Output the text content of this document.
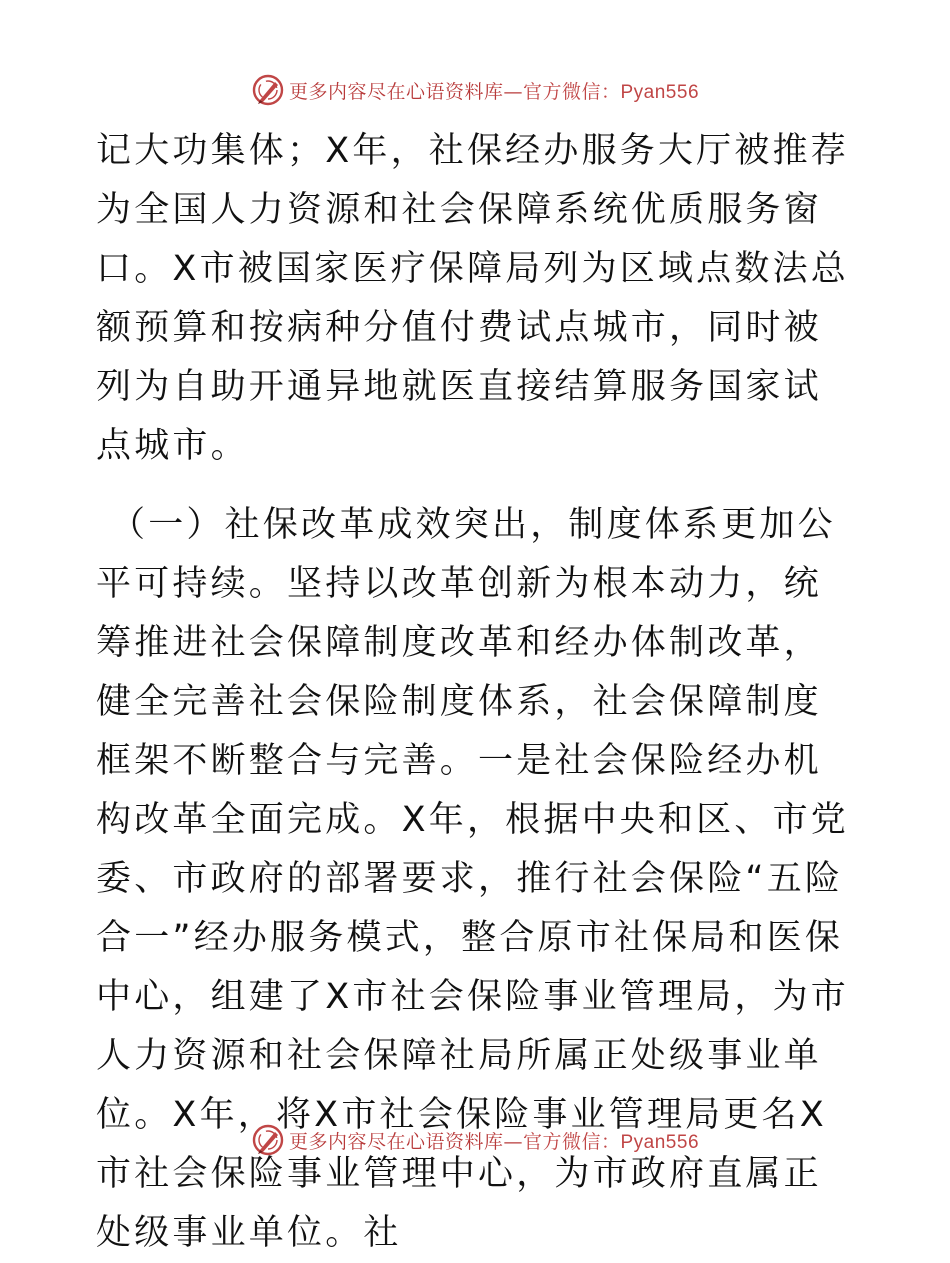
更多内容尽在心语资料库—官方微信：Pyan556

记大功集体；X年，社保经办服务大厅被推荐为全国人力资源和社会保障系统优质服务窗口。X市被国家医疗保障局列为区域点数法总额预算和按病种分值付费试点城市，同时被列为自助开通异地就医直接结算服务国家试点城市。

（一）社保改革成效突出，制度体系更加公平可持续。坚持以改革创新为根本动力，统筹推进社会保障制度改革和经办体制改革，健全完善社会保险制度体系，社会保障制度框架不断整合与完善。一是社会保险经办机构改革全面完成。X年，根据中央和区、市党委、市政府的部署要求，推行社会保险“五险合一”经办服务模式，整合原市社保局和医保中心，组建了X市社会保险事业管理局，为市人力资源和社会保障社局所属正处级事业单位。X年，将X市社会保险事业管理局更名X市社会保险事业管理中心，为市政府直属正处级事业单位。社

更多内容尽在心语资料库—官方微信：Pyan556
